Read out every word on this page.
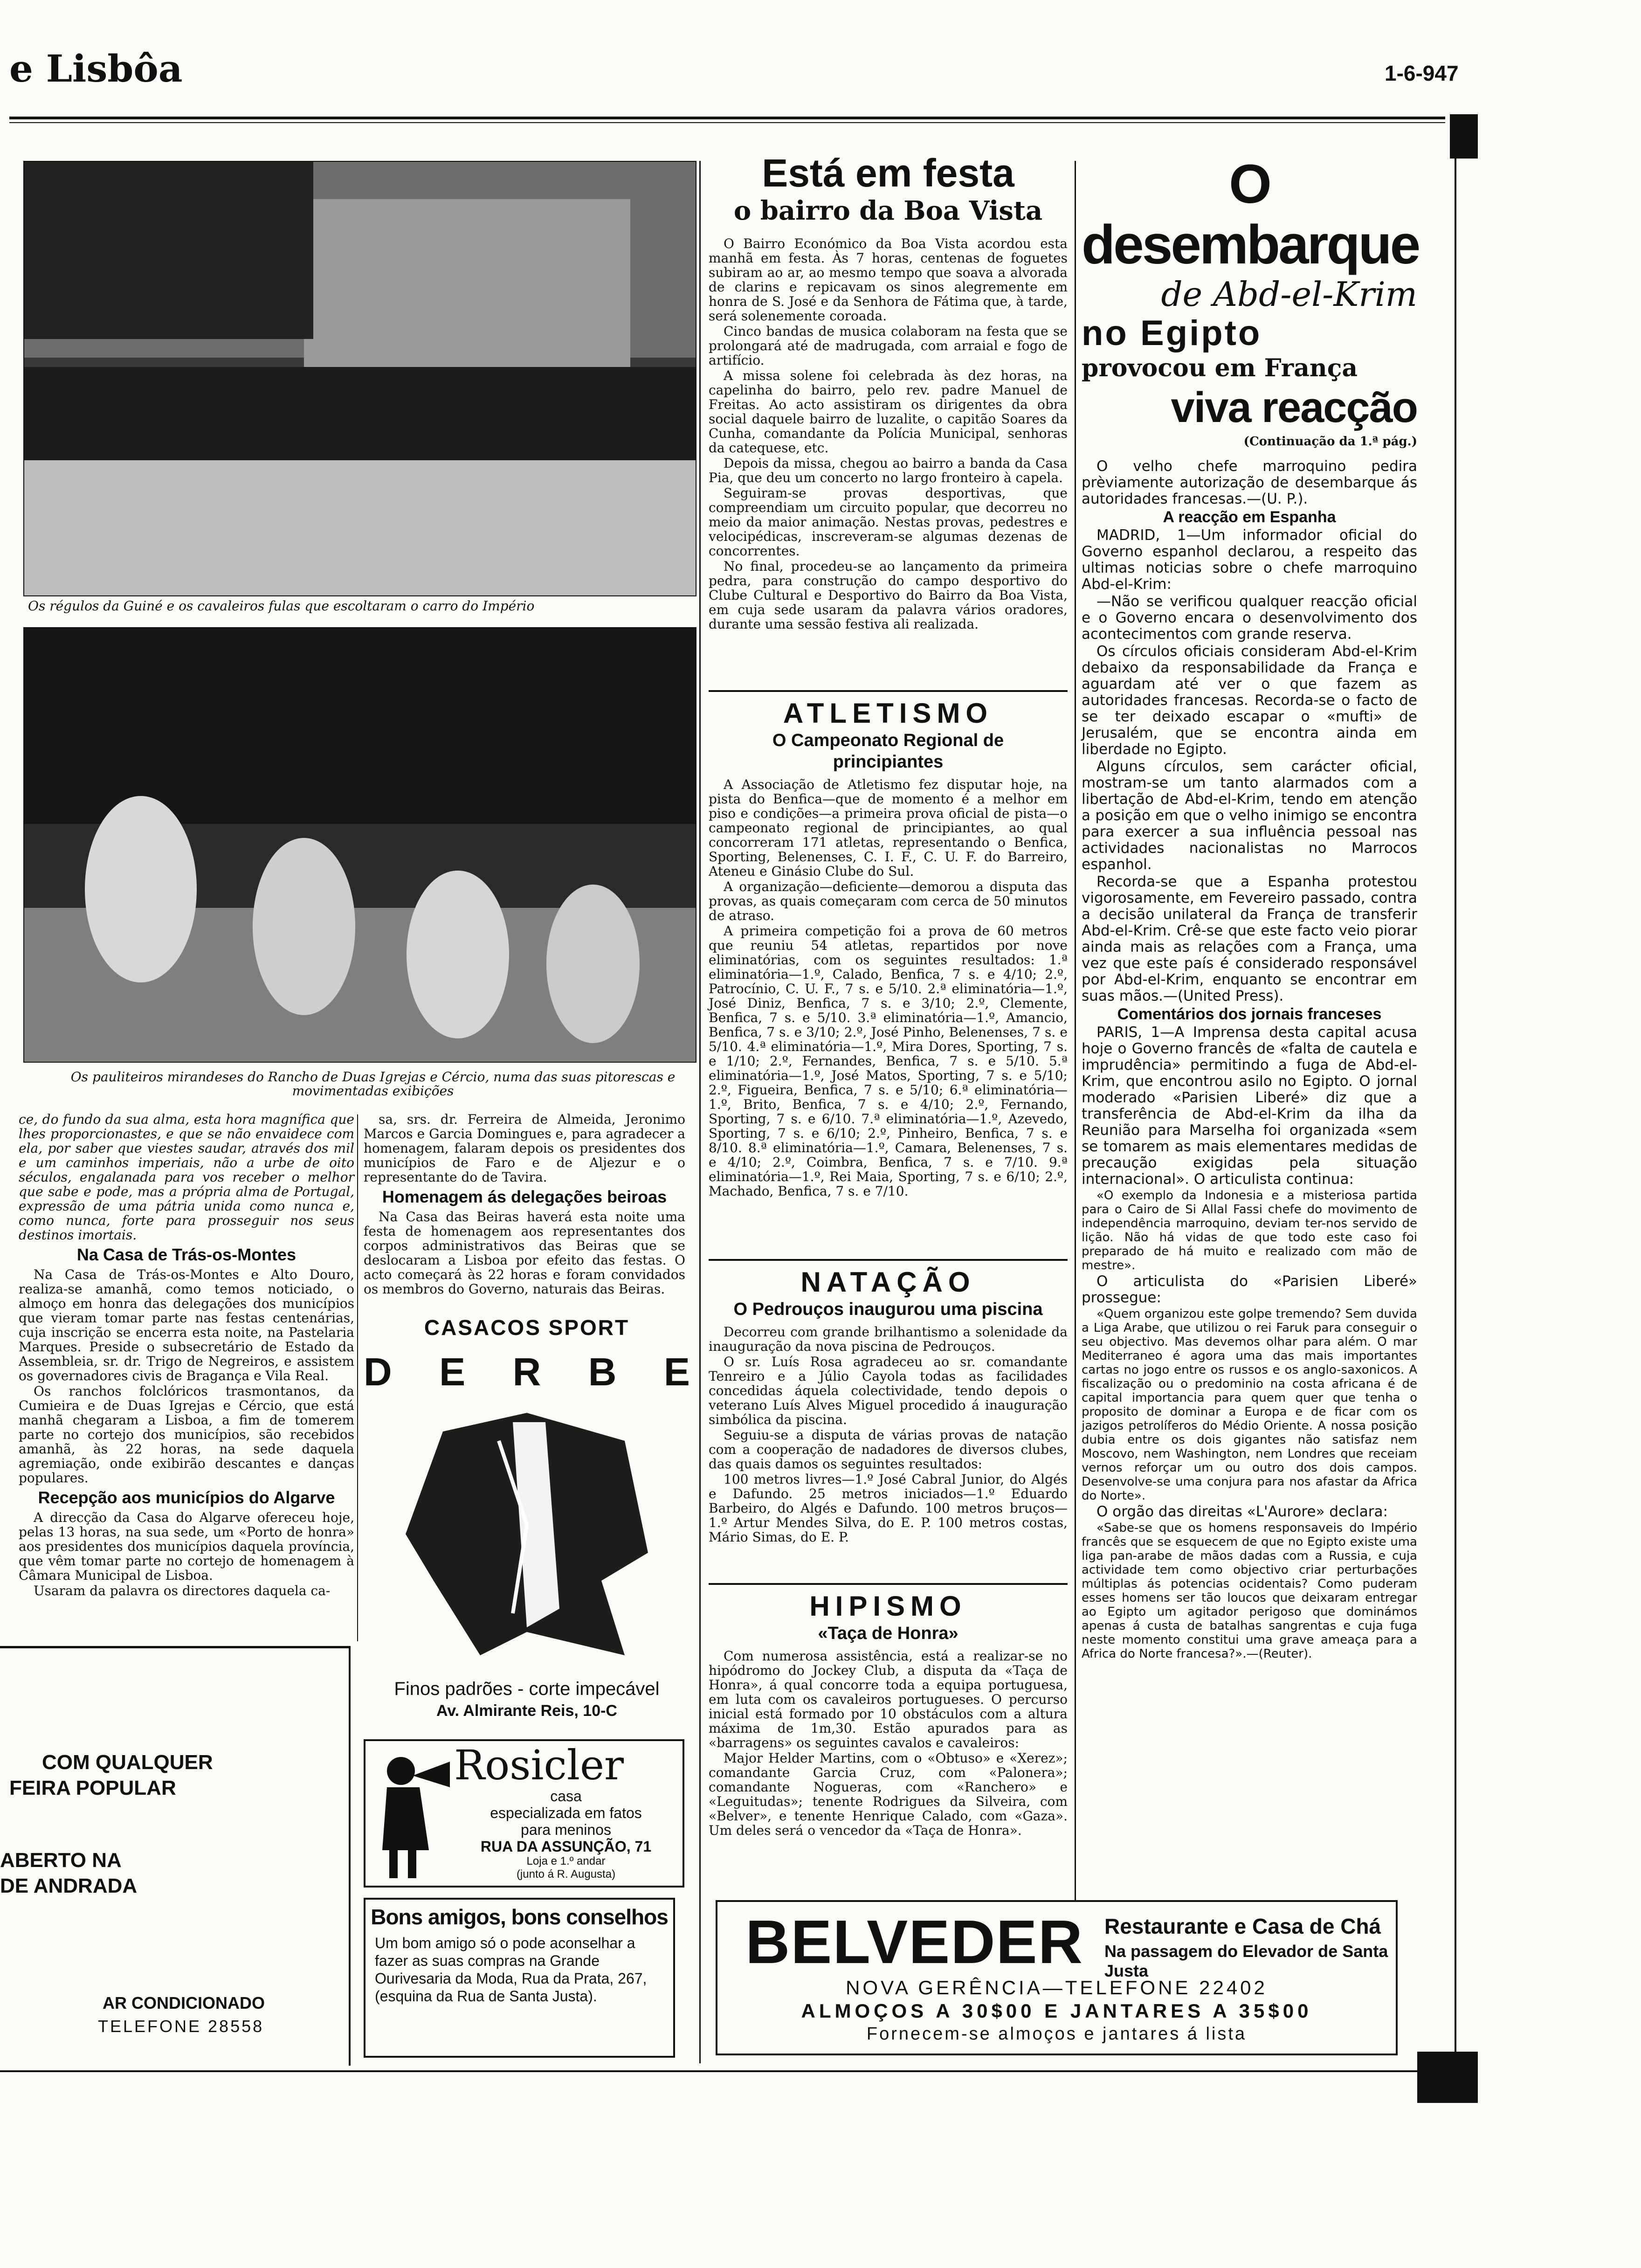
e Lisbôa	1-6-947
Os régulos da Guiné e os cavaleiros fulas que escoltaram o carro do Império
Os pauliteiros mirandeses do Rancho de Duas Igrejas e Cércio, numa das suas pitorescas e movimentadas exibições
ce, do fundo da sua alma, esta hora magnífica que lhes proporcionastes, e que se não envaidece com ela, por saber que viestes saudar, através dos mil e um caminhos imperiais, não a urbe de oito séculos, engalanada para vos receber o melhor que sabe e pode, mas a própria alma de Portugal, expressão de uma pátria unida como nunca e, como nunca, forte para prosseguir nos seus destinos imortais.
Na Casa de Trás-os-Montes

Na Casa de Trás-os-Montes e Alto Douro, realiza-se amanhã, como temos noticiado, o almoço em honra das delegações dos municípios que vieram tomar parte nas festas centenárias, cuja inscrição se encerra esta noite, na Pastelaria Marques. Preside o subsecretário de Estado da Assembleia, sr. dr. Trigo de Negreiros, e assistem os governadores civis de Bragança e Vila Real.

Os ranchos folclóricos trasmontanos, da Cumieira e de Duas Igrejas e Cércio, que está manhã chegaram a Lisboa, a fim de tomerem parte no cortejo dos municípios, são recebidos amanhã, às 22 horas, na sede daquela agremiação, onde exibirão descantes e danças populares.

Recepção aos municípios do Algarve

A direcção da Casa do Algarve ofereceu hoje, pelas 13 horas, na sua sede, um «Porto de honra» aos presidentes dos municípios daquela província, que vêm tomar parte no cortejo de homenagem à Câmara Municipal de Lisboa.

Usaram da palavra os directores daquela ca-

sa, srs. dr. Ferreira de Almeida, Jeronimo Marcos e Garcia Domingues e, para agradecer a homenagem, falaram depois os presidentes dos municípios de Faro e de Aljezur e o representante do de Tavira.

Homenagem ás delegações beiroas

Na Casa das Beiras haverá esta noite uma festa de homenagem aos representantes dos corpos administrativos das Beiras que se deslocaram a Lisboa por efeito das festas. O acto começará às 22 horas e foram convidados os membros do Governo, naturais das Beiras.

COM QUALQUER
FEIRA POPULAR
ABERTO NA
DE ANDRADA
AR CONDICIONADO
TELEFONE 28558
CASACOS SPORT
D E R B E
Finos padrões - corte impecável
Av. Almirante Reis, 10-C
Rosicler
casa
especializada em fatos
para meninos
RUA DA ASSUNÇÃO, 71
Loja e 1.º andar
(junto á R. Augusta)
Bons amigos, bons conselhos
Um bom amigo só o pode aconselhar a fazer as suas compras na Grande Ourivesaria da Moda, Rua da Prata, 267, (esquina da Rua de Santa Justa).
Está em festa
o bairro da Boa Vista

O Bairro Económico da Boa Vista acordou esta manhã em festa. Às 7 horas, centenas de foguetes subiram ao ar, ao mesmo tempo que soava a alvorada de clarins e repicavam os sinos alegremente em honra de S. José e da Senhora de Fátima que, à tarde, será solenemente coroada.

Cinco bandas de musica colaboram na festa que se prolongará até de madrugada, com arraial e fogo de artifício.

A missa solene foi celebrada às dez horas, na capelinha do bairro, pelo rev. padre Manuel de Freitas. Ao acto assistiram os dirigentes da obra social daquele bairro de luzalite, o capitão Soares da Cunha, comandante da Polícia Municipal, senhoras da catequese, etc.

Depois da missa, chegou ao bairro a banda da Casa Pia, que deu um concerto no largo fronteiro à capela.

Seguiram-se provas desportivas, que compreendiam um circuito popular, que decorreu no meio da maior animação. Nestas provas, pedestres e velocipédicas, inscreveram-se algumas dezenas de concorrentes.

No final, procedeu-se ao lançamento da primeira pedra, para construção do campo desportivo do Clube Cultural e Desportivo do Bairro da Boa Vista, em cuja sede usaram da palavra vários oradores, durante uma sessão festiva ali realizada.

ATLETISMO
O Campeonato Regional de principiantes

A Associação de Atletismo fez disputar hoje, na pista do Benfica—que de momento é a melhor em piso e condições—a primeira prova oficial de pista—o campeonato regional de principiantes, ao qual concorreram 171 atletas, representando o Benfica, Sporting, Belenenses, C. I. F., C. U. F. do Barreiro, Ateneu e Ginásio Clube do Sul.

A organização—deficiente—demorou a disputa das provas, as quais começaram com cerca de 50 minutos de atraso.

A primeira competição foi a prova de 60 metros que reuniu 54 atletas, repartidos por nove eliminatórias, com os seguintes resultados: 1.ª eliminatória—1.º, Calado, Benfica, 7 s. e 4/10; 2.º, Patrocínio, C. U. F., 7 s. e 5/10. 2.ª eliminatória—1.º, José Diniz, Benfica, 7 s. e 3/10; 2.º, Clemente, Benfica, 7 s. e 5/10. 3.ª eliminatória—1.º, Amancio, Benfica, 7 s. e 3/10; 2.º, José Pinho, Belenenses, 7 s. e 5/10. 4.ª eliminatória—1.º, Mira Dores, Sporting, 7 s. e 1/10; 2.º, Fernandes, Benfica, 7 s. e 5/10. 5.ª eliminatória—1.º, José Matos, Sporting, 7 s. e 5/10; 2.º, Figueira, Benfica, 7 s. e 5/10; 6.ª eliminatória—1.º, Brito, Benfica, 7 s. e 4/10; 2.º, Fernando, Sporting, 7 s. e 6/10. 7.ª eliminatória—1.º, Azevedo, Sporting, 7 s. e 6/10; 2.º, Pinheiro, Benfica, 7 s. e 8/10. 8.ª eliminatória—1.º, Camara, Belenenses, 7 s. e 4/10; 2.º, Coimbra, Benfica, 7 s. e 7/10. 9.ª eliminatória—1.º, Rei Maia, Sporting, 7 s. e 6/10; 2.º, Machado, Benfica, 7 s. e 7/10.

NATAÇÃO
O Pedrouços inaugurou uma piscina

Decorreu com grande brilhantismo a solenidade da inauguração da nova piscina de Pedrouços.

O sr. Luís Rosa agradeceu ao sr. comandante Tenreiro e a Júlio Cayola todas as facilidades concedidas áquela colectividade, tendo depois o veterano Luís Alves Miguel procedido á inauguração simbólica da piscina.

Seguiu-se a disputa de várias provas de natação com a cooperação de nadadores de diversos clubes, das quais damos os seguintes resultados:

100 metros livres—1.º José Cabral Junior, do Algés e Dafundo. 25 metros iniciados—1.º Eduardo Barbeiro, do Algés e Dafundo. 100 metros bruços—1.º Artur Mendes Silva, do E. P. 100 metros costas, Mário Simas, do E. P.

HIPISMO
«Taça de Honra»

Com numerosa assistência, está a realizar-se no hipódromo do Jockey Club, a disputa da «Taça de Honra», á qual concorre toda a equipa portuguesa, em luta com os cavaleiros portugueses. O percurso inicial está formado por 10 obstáculos com a altura máxima de 1m,30. Estão apurados para as «barragens» os seguintes cavalos e cavaleiros:

Major Helder Martins, com o «Obtuso» e «Xerez»; comandante Garcia Cruz, com «Palonera»; comandante Nogueras, com «Ranchero» e «Leguitudas»; tenente Rodrigues da Silveira, com «Belver», e tenente Henrique Calado, com «Gaza». Um deles será o vencedor da «Taça de Honra».

O desembarque
de Abd-el-Krim
no Egipto
provocou em França
viva reacção
(Continuação da 1.ª pág.)

O velho chefe marroquino pedira prèviamente autorização de desembarque ás autoridades francesas.—(U. P.).

A reacção em Espanha

MADRID, 1—Um informador oficial do Governo espanhol declarou, a respeito das ultimas noticias sobre o chefe marroquino Abd-el-Krim:

—Não se verificou qualquer reacção oficial e o Governo encara o desenvolvimento dos acontecimentos com grande reserva.

Os círculos oficiais consideram Abd-el-Krim debaixo da responsabilidade da França e aguardam até ver o que fazem as autoridades francesas. Recorda-se o facto de se ter deixado escapar o «mufti» de Jerusalém, que se encontra ainda em liberdade no Egipto.

Alguns círculos, sem carácter oficial, mostram-se um tanto alarmados com a libertação de Abd-el-Krim, tendo em atenção a posição em que o velho inimigo se encontra para exercer a sua influência pessoal nas actividades nacionalistas no Marrocos espanhol.

Recorda-se que a Espanha protestou vigorosamente, em Fevereiro passado, contra a decisão unilateral da França de transferir Abd-el-Krim. Crê-se que este facto veio piorar ainda mais as relações com a França, uma vez que este país é considerado responsável por Abd-el-Krim, enquanto se encontrar em suas mãos.—(United Press).

Comentários dos jornais franceses

PARIS, 1—A Imprensa desta capital acusa hoje o Governo francês de «falta de cautela e imprudência» permitindo a fuga de Abd-el-Krim, que encontrou asilo no Egipto. O jornal moderado «Parisien Liberé» diz que a transferência de Abd-el-Krim da ilha da Reunião para Marselha foi organizada «sem se tomarem as mais elementares medidas de precaução exigidas pela situação internacional». O articulista continua:

«O exemplo da Indonesia e a misteriosa partida para o Cairo de Si Allal Fassi chefe do movimento de independência marroquino, deviam ter-nos servido de lição. Não há vidas de que todo este caso foi preparado de há muito e realizado com mão de mestre».

O articulista do «Parisien Liberé» prossegue:

«Quem organizou este golpe tremendo? Sem duvida a Liga Arabe, que utilizou o rei Faruk para conseguir o seu objectivo. Mas devemos olhar para além. O mar Mediterraneo é agora uma das mais importantes cartas no jogo entre os russos e os anglo-saxonicos. A fiscalização ou o predominio na costa africana é de capital importancia para quem quer que tenha o proposito de dominar a Europa e de ficar com os jazigos petrolíferos do Médio Oriente. A nossa posição dubia entre os dois gigantes não satisfaz nem Moscovo, nem Washington, nem Londres que receiam vernos reforçar um ou outro dos dois campos. Desenvolve-se uma conjura para nos afastar da Africa do Norte».

O orgão das direitas «L'Aurore» declara:

«Sabe-se que os homens responsaveis do Império francês que se esquecem de que no Egipto existe uma liga pan-arabe de mãos dadas com a Russia, e cuja actividade tem como objectivo criar perturbações múltiplas ás potencias ocidentais? Como puderam esses homens ser tão loucos que deixaram entregar ao Egipto um agitador perigoso que dominámos apenas á custa de batalhas sangrentas e cuja fuga neste momento constitui uma grave ameaça para a Africa do Norte francesa?».—(Reuter).

BELVEDER Restaurante e Casa de Chá
Na passagem do Elevador de Santa Justa
NOVA GERÊNCIA—TELEFONE 22402
ALMOÇOS A 30$00 E JANTARES A 35$00
Fornecem-se almoços e jantares á lista
